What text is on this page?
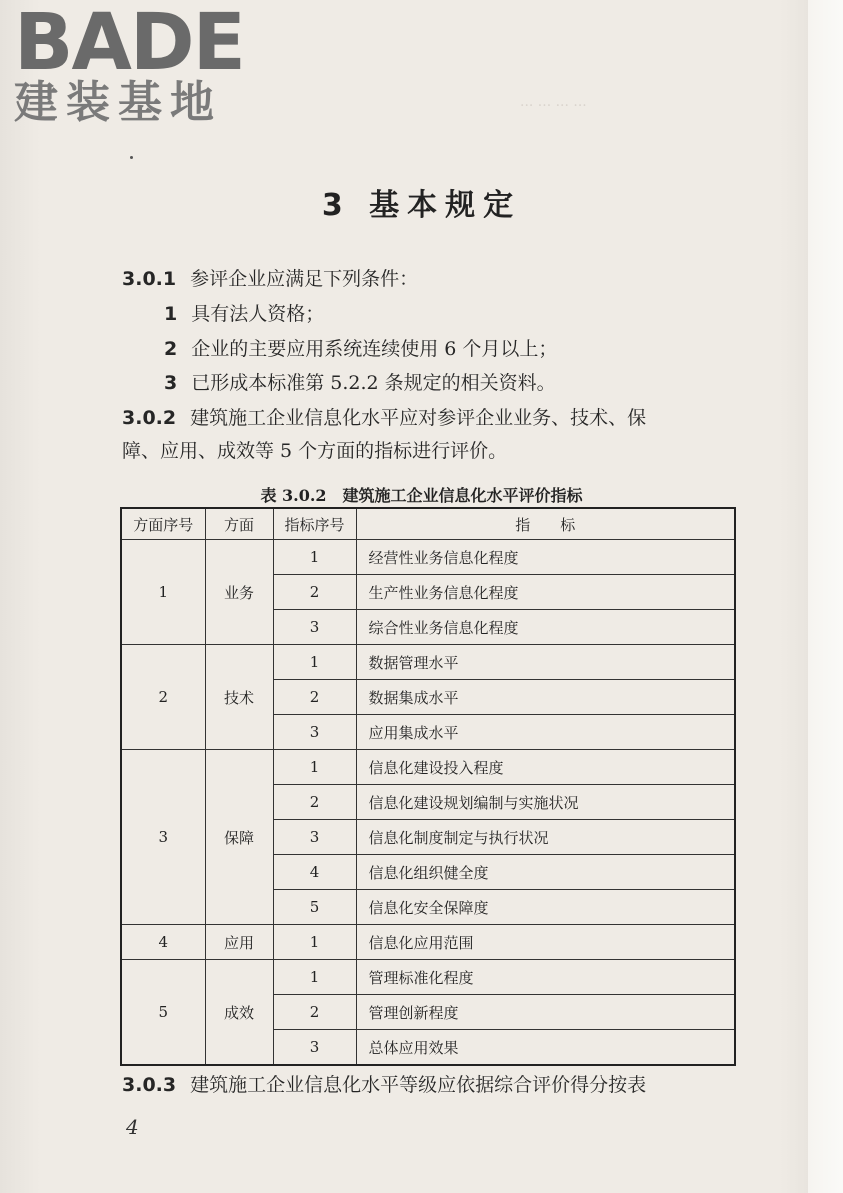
··· ··· ··· ···
BADE
建装基地
3 基本规定
3.0.1 参评企业应满足下列条件：
1 具有法人资格；
2 企业的主要应用系统连续使用 6 个月以上；
3 已形成本标准第 5.2.2 条规定的相关资料。
3.0.2 建筑施工企业信息化水平应对参评企业业务、技术、保
障、应用、成效等 5 个方面的指标进行评价。
表 3.0.2　建筑施工企业信息化水平评价指标
方面序号	方面	指标序号	指　　标
1	业务	1	经营性业务信息化程度
		2	生产性业务信息化程度
		3	综合性业务信息化程度
2	技术	1	数据管理水平
		2	数据集成水平
		3	应用集成水平
3	保障	1	信息化建设投入程度
		2	信息化建设规划编制与实施状况
		3	信息化制度制定与执行状况
		4	信息化组织健全度
		5	信息化安全保障度
4	应用	1	信息化应用范围
5	成效	1	管理标准化程度
		2	管理创新程度
		3	总体应用效果
3.0.3 建筑施工企业信息化水平等级应依据综合评价得分按表
4
